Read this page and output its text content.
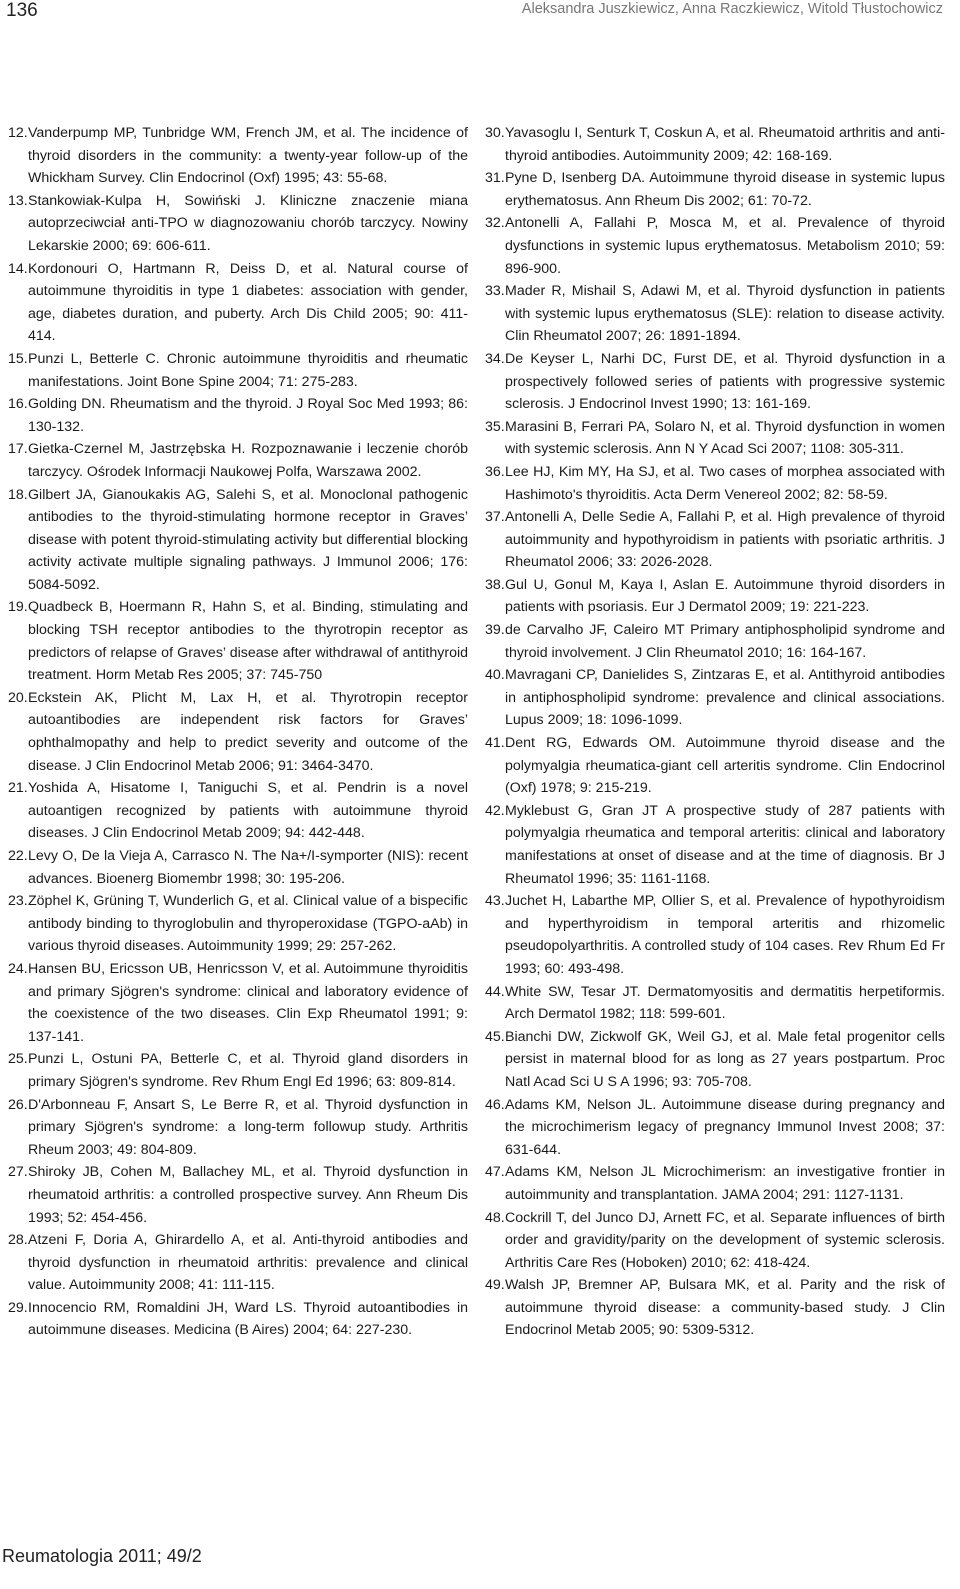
136	Aleksandra Juszkiewicz, Anna Raczkiewicz, Witold Tłustochowicz

12.Vanderpump MP, Tunbridge WM, French JM, et al. The incidence of thyroid disorders in the community: a twenty-year follow-up of the Whickham Survey. Clin Endocrinol (Oxf) 1995; 43: 55-68.

13.Stankowiak-Kulpa H, Sowiński J. Kliniczne znaczenie miana autoprzeciwciał anti-TPO w diagnozowaniu chorób tarczycy. Nowiny Lekarskie 2000; 69: 606-611.

14.Kordonouri O, Hartmann R, Deiss D, et al. Natural course of autoimmune thyroiditis in type 1 diabetes: association with gender, age, diabetes duration, and puberty. Arch Dis Child 2005; 90: 411-414.

15.Punzi L, Betterle C. Chronic autoimmune thyroiditis and rheumatic manifestations. Joint Bone Spine 2004; 71: 275-283.

16.Golding DN. Rheumatism and the thyroid. J Royal Soc Med 1993; 86: 130-132.

17.Gietka-Czernel M, Jastrzębska H. Rozpoznawanie i leczenie chorób tarczycy. Ośrodek Informacji Naukowej Polfa, Warszawa 2002.

18.Gilbert JA, Gianoukakis AG, Salehi S, et al. Monoclonal pathogenic antibodies to the thyroid-stimulating hormone receptor in Graves’ disease with potent thyroid-stimulating activity but differential blocking activity activate multiple signaling pathways. J Immunol 2006; 176: 5084-5092.

19.Quadbeck B, Hoermann R, Hahn S, et al. Binding, stimulating and blocking TSH receptor antibodies to the thyrotropin receptor as predictors of relapse of Graves’ disease after withdrawal of antithyroid treatment. Horm Metab Res 2005; 37: 745-750

20.Eckstein AK, Plicht M, Lax H, et al. Thyrotropin receptor autoantibodies are independent risk factors for Graves’ ophthalmopathy and help to predict severity and outcome of the disease. J Clin Endocrinol Metab 2006; 91: 3464-3470.

21.Yoshida A, Hisatome I, Taniguchi S, et al. Pendrin is a novel autoantigen recognized by patients with autoimmune thyroid diseases. J Clin Endocrinol Metab 2009; 94: 442-448.

22.Levy O, De la Vieja A, Carrasco N. The Na+/I-symporter (NIS): recent advances. Bioenerg Biomembr 1998; 30: 195-206.

23.Zöphel K, Grüning T, Wunderlich G, et al. Clinical value of a bispecific antibody binding to thyroglobulin and thyroperoxidase (TGPO-aAb) in various thyroid diseases. Autoimmunity 1999; 29: 257-262.

24.Hansen BU, Ericsson UB, Henricsson V, et al. Autoimmune thyroiditis and primary Sjögren's syndrome: clinical and laboratory evidence of the coexistence of the two diseases. Clin Exp Rheumatol 1991; 9: 137-141.

25.Punzi L, Ostuni PA, Betterle C, et al. Thyroid gland disorders in primary Sjögren's syndrome. Rev Rhum Engl Ed 1996; 63: 809-814.

26.D'Arbonneau F, Ansart S, Le Berre R, et al. Thyroid dysfunction in primary Sjögren's syndrome: a long-term followup study. Arthritis Rheum 2003; 49: 804-809.

27.Shiroky JB, Cohen M, Ballachey ML, et al. Thyroid dysfunction in rheumatoid arthritis: a controlled prospective survey. Ann Rheum Dis 1993; 52: 454-456.

28.Atzeni F, Doria A, Ghirardello A, et al. Anti-thyroid antibodies and thyroid dysfunction in rheumatoid arthritis: prevalence and clinical value. Autoimmunity 2008; 41: 111-115.

29.Innocencio RM, Romaldini JH, Ward LS. Thyroid autoantibodies in autoimmune diseases. Medicina (B Aires) 2004; 64: 227-230.

30.Yavasoglu I, Senturk T, Coskun A, et al. Rheumatoid arthritis and anti-thyroid antibodies. Autoimmunity 2009; 42: 168-169.

31.Pyne D, Isenberg DA. Autoimmune thyroid disease in systemic lupus erythematosus. Ann Rheum Dis 2002; 61: 70-72.

32.Antonelli A, Fallahi P, Mosca M, et al. Prevalence of thyroid dysfunctions in systemic lupus erythematosus. Metabolism 2010; 59: 896-900.

33.Mader R, Mishail S, Adawi M, et al. Thyroid dysfunction in patients with systemic lupus erythematosus (SLE): relation to disease activity. Clin Rheumatol 2007; 26: 1891-1894.

34.De Keyser L, Narhi DC, Furst DE, et al. Thyroid dysfunction in a prospectively followed series of patients with progressive systemic sclerosis. J Endocrinol Invest 1990; 13: 161-169.

35.Marasini B, Ferrari PA, Solaro N, et al. Thyroid dysfunction in women with systemic sclerosis. Ann N Y Acad Sci 2007; 1108: 305-311.

36.Lee HJ, Kim MY, Ha SJ, et al. Two cases of morphea associated with Hashimoto's thyroiditis. Acta Derm Venereol 2002; 82: 58-59.

37.Antonelli A, Delle Sedie A, Fallahi P, et al. High prevalence of thyroid autoimmunity and hypothyroidism in patients with psoriatic arthritis. J Rheumatol 2006; 33: 2026-2028.

38.Gul U, Gonul M, Kaya I, Aslan E. Autoimmune thyroid disorders in patients with psoriasis. Eur J Dermatol 2009; 19: 221-223.

39.de Carvalho JF, Caleiro MT Primary antiphospholipid syndrome and thyroid involvement. J Clin Rheumatol 2010; 16: 164-167.

40.Mavragani CP, Danielides S, Zintzaras E, et al. Antithyroid antibodies in antiphospholipid syndrome: prevalence and clinical associations. Lupus 2009; 18: 1096-1099.

41.Dent RG, Edwards OM. Autoimmune thyroid disease and the polymyalgia rheumatica-giant cell arteritis syndrome. Clin Endocrinol (Oxf) 1978; 9: 215-219.

42.Myklebust G, Gran JT A prospective study of 287 patients with polymyalgia rheumatica and temporal arteritis: clinical and laboratory manifestations at onset of disease and at the time of diagnosis. Br J Rheumatol 1996; 35: 1161-1168.

43.Juchet H, Labarthe MP, Ollier S, et al. Prevalence of hypothyroidism and hyperthyroidism in temporal arteritis and rhizomelic pseudopolyarthritis. A controlled study of 104 cases. Rev Rhum Ed Fr 1993; 60: 493-498.

44.White SW, Tesar JT. Dermatomyositis and dermatitis herpetiformis. Arch Dermatol 1982; 118: 599-601.

45.Bianchi DW, Zickwolf GK, Weil GJ, et al. Male fetal progenitor cells persist in maternal blood for as long as 27 years postpartum. Proc Natl Acad Sci U S A 1996; 93: 705-708.

46.Adams KM, Nelson JL. Autoimmune disease during pregnancy and the microchimerism legacy of pregnancy Immunol Invest 2008; 37: 631-644.

47.Adams KM, Nelson JL Microchimerism: an investigative frontier in autoimmunity and transplantation. JAMA 2004; 291: 1127-1131.

48.Cockrill T, del Junco DJ, Arnett FC, et al. Separate influences of birth order and gravidity/parity on the development of systemic sclerosis. Arthritis Care Res (Hoboken) 2010; 62: 418-424.

49.Walsh JP, Bremner AP, Bulsara MK, et al. Parity and the risk of autoimmune thyroid disease: a community-based study. J Clin Endocrinol Metab 2005; 90: 5309-5312.

Reumatologia 2011; 49/2
